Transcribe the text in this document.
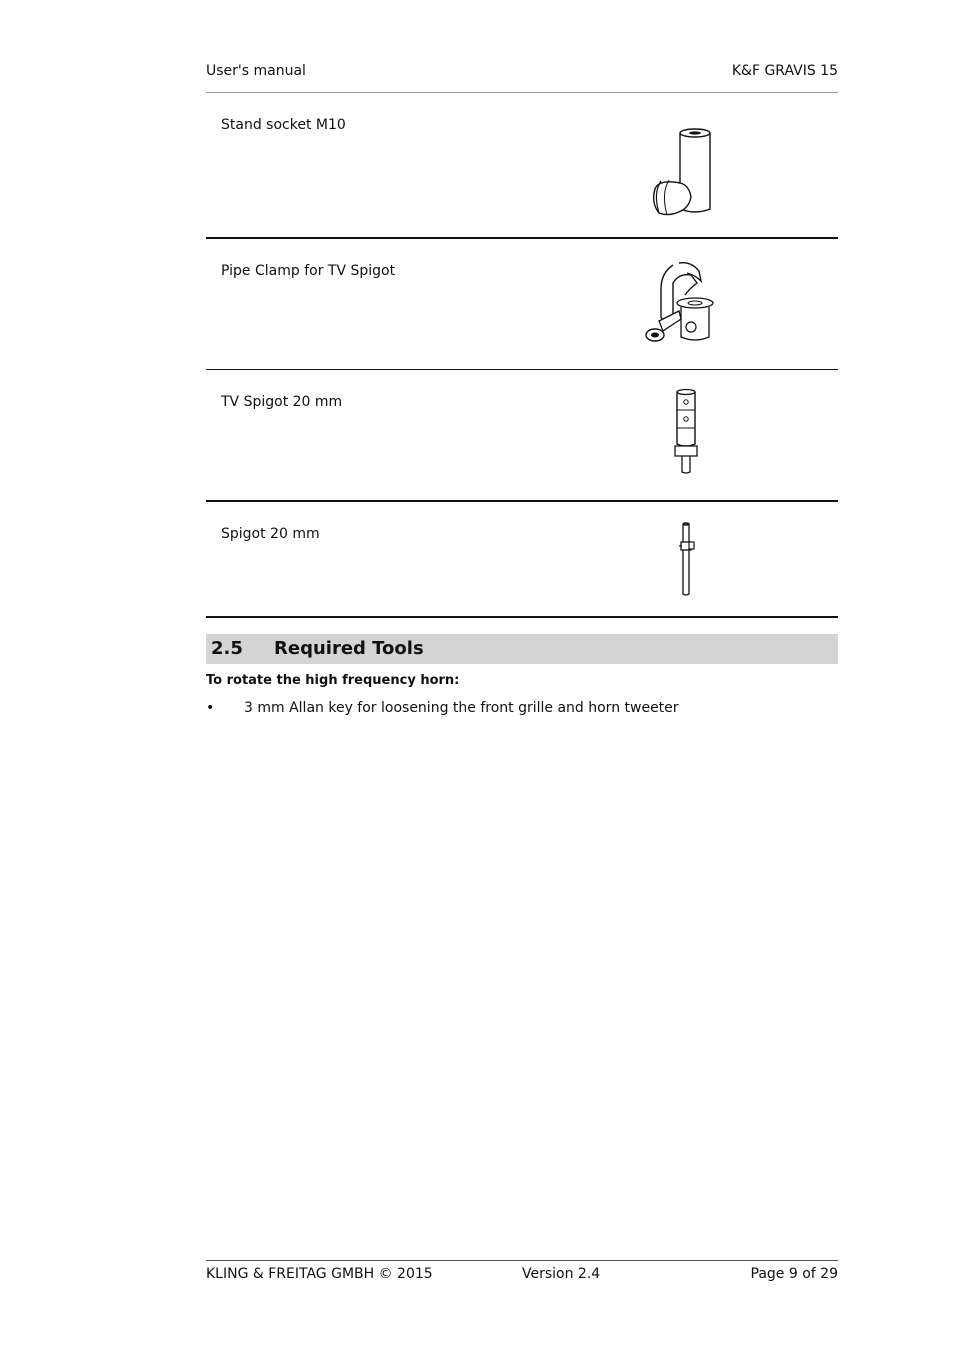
User's manual	K&F GRAVIS 15
Stand socket M10
Pipe Clamp for TV Spigot
TV Spigot 20 mm
Spigot 20 mm
2.5 Required Tools
To rotate the high frequency horn:
• 3 mm Allan key for loosening the front grille and horn tweeter
KLING & FREITAG GMBH © 2015	Version 2.4	Page 9 of 29
